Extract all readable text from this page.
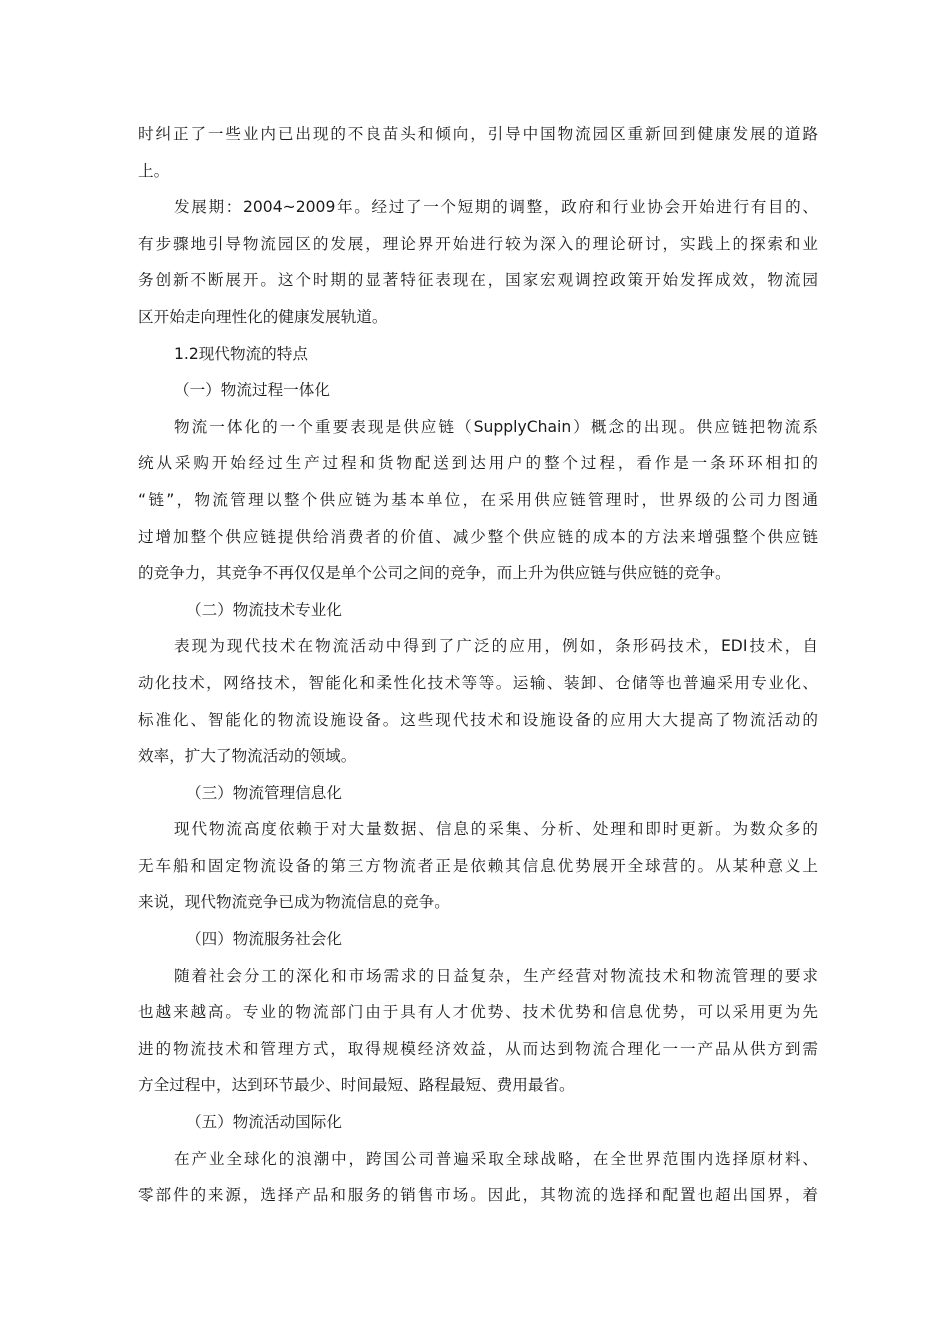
时纠正了一些业内已出现的不良苗头和倾向，引导中国物流园区重新回到健康发展的道路
上。
发展期：2004~2009年。经过了一个短期的调整，政府和行业协会开始进行有目的、
有步骤地引导物流园区的发展，理论界开始进行较为深入的理论研讨，实践上的探索和业
务创新不断展开。这个时期的显著特征表现在，国家宏观调控政策开始发挥成效，物流园
区开始走向理性化的健康发展轨道。
1.2现代物流的特点
（一）物流过程一体化
物流一体化的一个重要表现是供应链（SupplyChain）概念的出现。供应链把物流系
统从采购开始经过生产过程和货物配送到达用户的整个过程，看作是一条环环相扣的
“链”，物流管理以整个供应链为基本单位，在采用供应链管理时，世界级的公司力图通
过增加整个供应链提供给消费者的价值、减少整个供应链的成本的方法来增强整个供应链
的竞争力，其竞争不再仅仅是单个公司之间的竞争，而上升为供应链与供应链的竞争。
（二）物流技术专业化
表现为现代技术在物流活动中得到了广泛的应用，例如，条形码技术，EDI技术，自
动化技术，网络技术，智能化和柔性化技术等等。运输、装卸、仓储等也普遍采用专业化、
标准化、智能化的物流设施设备。这些现代技术和设施设备的应用大大提高了物流活动的
效率，扩大了物流活动的领域。
（三）物流管理信息化
现代物流高度依赖于对大量数据、信息的采集、分析、处理和即时更新。为数众多的
无车船和固定物流设备的第三方物流者正是依赖其信息优势展开全球营的。从某种意义上
来说，现代物流竞争已成为物流信息的竞争。
（四）物流服务社会化
随着社会分工的深化和市场需求的日益复杂，生产经营对物流技术和物流管理的要求
也越来越高。专业的物流部门由于具有人才优势、技术优势和信息优势，可以采用更为先
进的物流技术和管理方式，取得规模经济效益，从而达到物流合理化一一产品从供方到需
方全过程中，达到环节最少、时间最短、路程最短、费用最省。
（五）物流活动国际化
在产业全球化的浪潮中，跨国公司普遍采取全球战略，在全世界范围内选择原材料、
零部件的来源，选择产品和服务的销售市场。因此，其物流的选择和配置也超出国界，着
